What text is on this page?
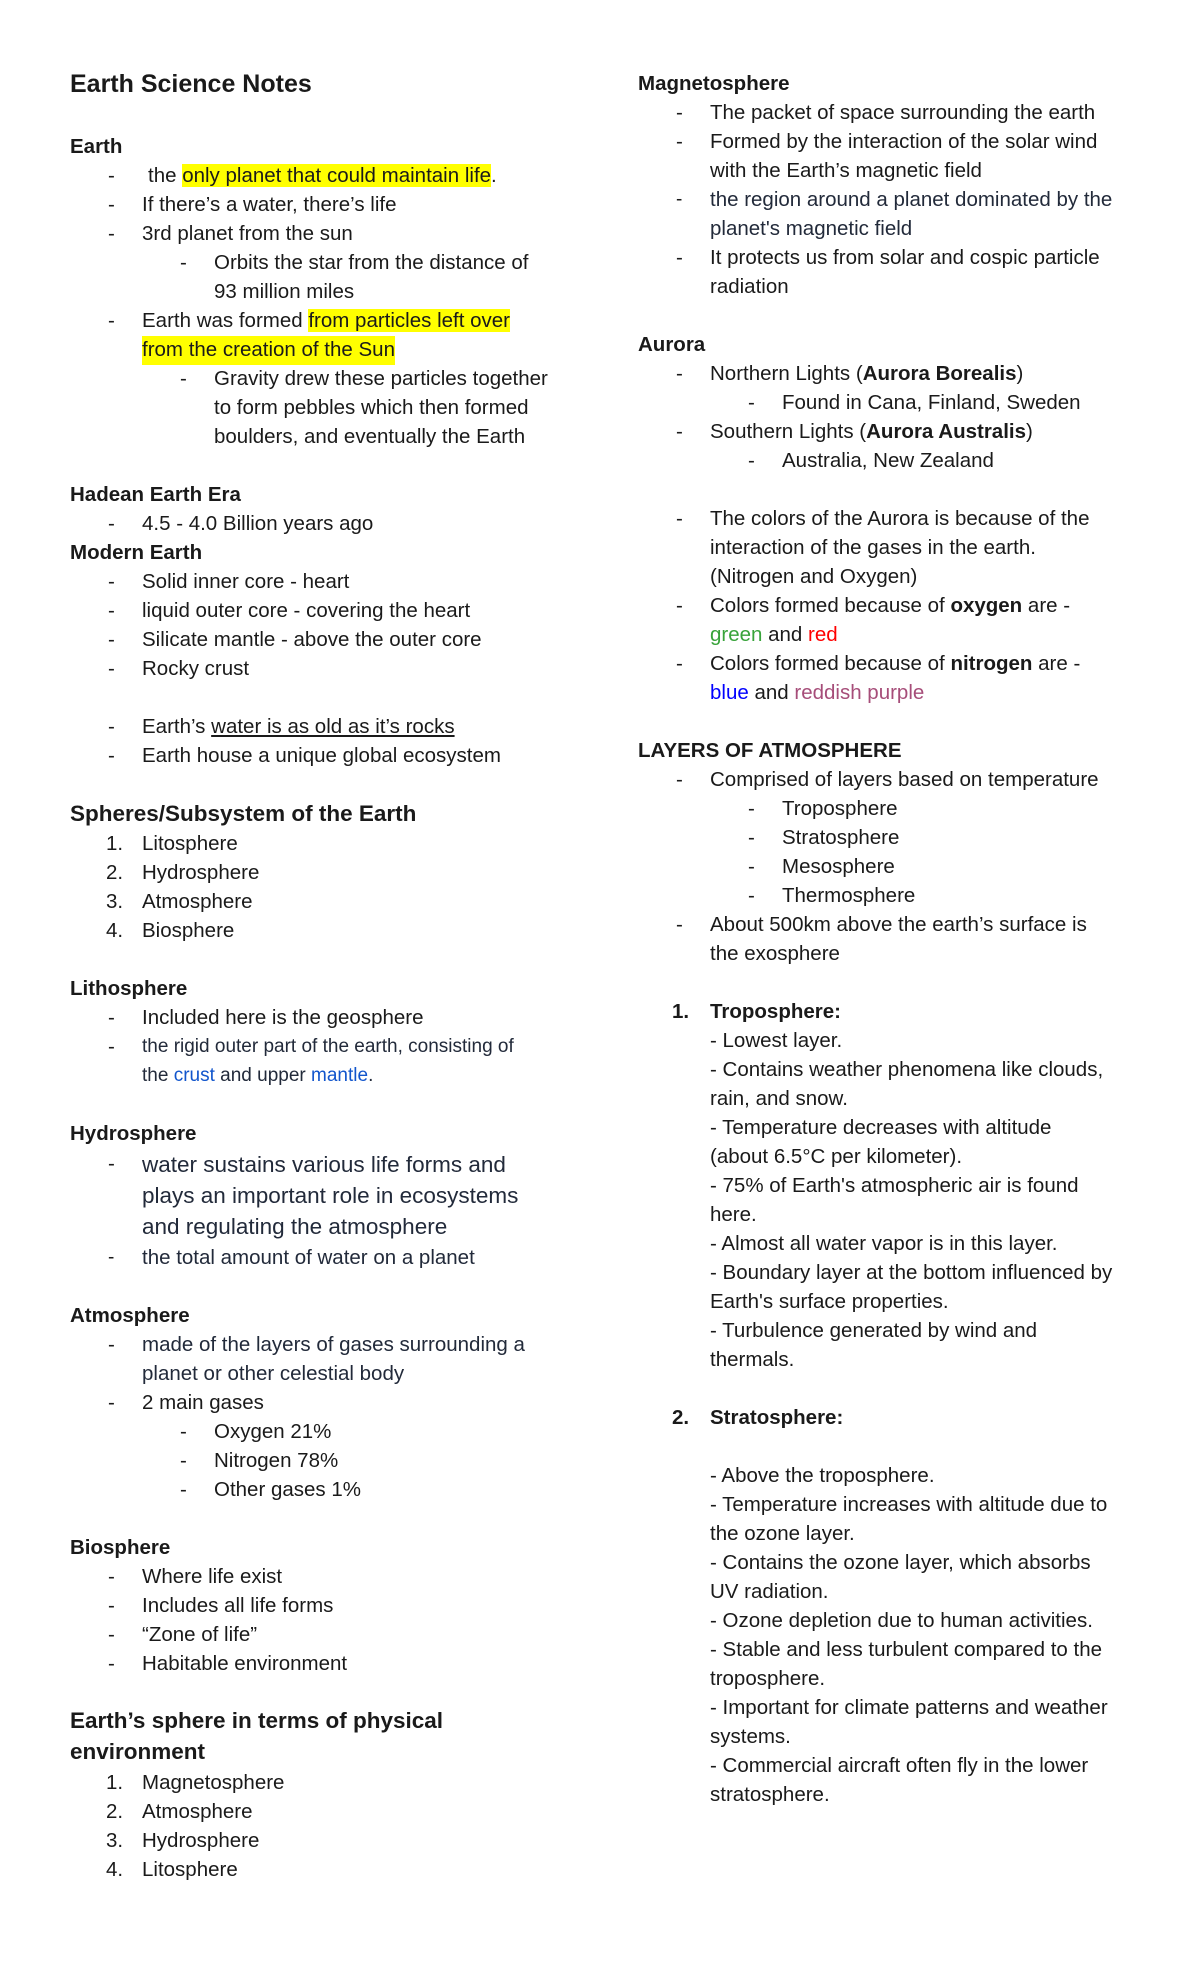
Earth Science Notes
Earth
- the only planet that could maintain life.
- If there’s a water, there’s life
- 3rd planet from the sun
- Orbits the star from the distance of
93 million miles
- Earth was formed from particles left over
from the creation of the Sun
- Gravity drew these particles together
to form pebbles which then formed
boulders, and eventually the Earth
Hadean Earth Era
- 4.5 - 4.0 Billion years ago
Modern Earth
- Solid inner core - heart
- liquid outer core - covering the heart
- Silicate mantle - above the outer core
- Rocky crust
- Earth’s water is as old as it’s rocks
- Earth house a unique global ecosystem
Spheres/Subsystem of the Earth
1. Litosphere
2. Hydrosphere
3. Atmosphere
4. Biosphere
Lithosphere
- Included here is the geosphere
- the rigid outer part of the earth, consisting of
the crust and upper mantle.
Hydrosphere
- water sustains various life forms and
plays an important role in ecosystems
and regulating the atmosphere
- the total amount of water on a planet
Atmosphere
- made of the layers of gases surrounding a
planet or other celestial body
- 2 main gases
- Oxygen 21%
- Nitrogen 78%
- Other gases 1%
Biosphere
- Where life exist
- Includes all life forms
- “Zone of life”
- Habitable environment
Earth’s sphere in terms of physical
environment
1. Magnetosphere
2. Atmosphere
3. Hydrosphere
4. Litosphere
Magnetosphere
- The packet of space surrounding the earth
- Formed by the interaction of the solar wind
with the Earth’s magnetic field
- the region around a planet dominated by the
planet's magnetic field
- It protects us from solar and cospic particle
radiation
Aurora
- Northern Lights (Aurora Borealis)
- Found in Cana, Finland, Sweden
- Southern Lights (Aurora Australis)
- Australia, New Zealand
- The colors of the Aurora is because of the
interaction of the gases in the earth.
(Nitrogen and Oxygen)
- Colors formed because of oxygen are -
green and red
- Colors formed because of nitrogen are -
blue and reddish purple
LAYERS OF ATMOSPHERE
- Comprised of layers based on temperature
- Troposphere
- Stratosphere
- Mesosphere
- Thermosphere
- About 500km above the earth’s surface is
the exosphere
1. Troposphere:
- Lowest layer.
- Contains weather phenomena like clouds,
rain, and snow.
- Temperature decreases with altitude
(about 6.5°C per kilometer).
- 75% of Earth's atmospheric air is found
here.
- Almost all water vapor is in this layer.
- Boundary layer at the bottom influenced by
Earth's surface properties.
- Turbulence generated by wind and
thermals.
2. Stratosphere:
- Above the troposphere.
- Temperature increases with altitude due to
the ozone layer.
- Contains the ozone layer, which absorbs
UV radiation.
- Ozone depletion due to human activities.
- Stable and less turbulent compared to the
troposphere.
- Important for climate patterns and weather
systems.
- Commercial aircraft often fly in the lower
stratosphere.
